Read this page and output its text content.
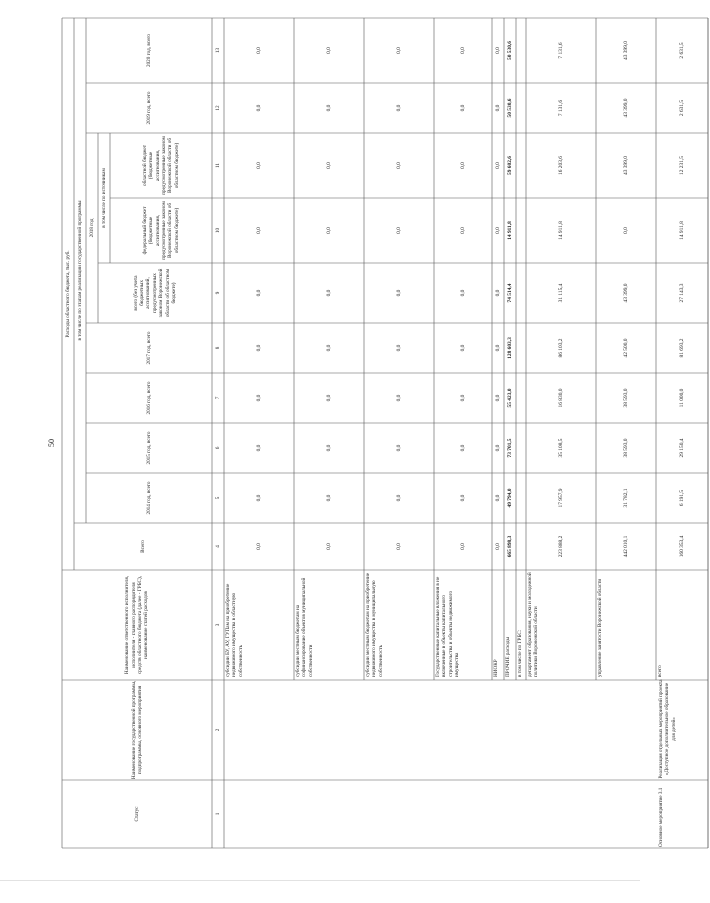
50
Статус
Наименование государственной программы, подпрограммы, основного мероприятия
Наименование ответственного исполнителя, исполнителя - главного распорядителя средств областного бюджета (далее - ГРБС), наименование статей расходов
Расходы областного бюджета, тыс. руб.
Всего
в том числе по этапам реализации государственной программы
2014 год, всего
2015 год, всего
2016 год, всего
2017 год, всего
2018 год
всего (без учета бюджетных ассигнований, предусмотренных законом Воронежской области об областном бюджете)
в том числе по источникам
федеральный бюджет (бюджетные ассигнования, предусмотренные законом Воронежской области об областном бюджете)
областной бюджет (бюджетные ассигнования, предусмотренные законом Воронежской области об областном бюджете)
2019 год, всего
2020 год, всего
1
2
3
4
5
6
7
8
9
10
11
12
13
субсидии БУ, АУ, ГУПам на приобретение недвижимого имущества в областную собственность
0,0
0,0
0,0
0,0
0,0
0,0
0,0
0,0
0,0
0,0
субсидии местным бюджетам на софинансирование объектов муниципальной собственности
0,0
0,0
0,0
0,0
0,0
0,0
0,0
0,0
0,0
0,0
субсидии местным бюджетам на приобретение недвижимого имущества в муниципальную собственность
0,0
0,0
0,0
0,0
0,0
0,0
0,0
0,0
0,0
0,0
Государственные капитальные вложения в не включенные в объекты капитального строительства и объекты недвижимого имущества
0,0
0,0
0,0
0,0
0,0
0,0
0,0
0,0
0,0
0,0
НИОКР
0,0
0,0
0,0
0,0
0,0
0,0
0,0
0,0
0,0
0,0
ПРОЧИЕ расходы
665 898,3
49 794,0
73 701,5
55 423,0
128 603,3
74 514,4
14 911,8
59 602,6
50 530,6
50 530,6
в том числе по ГРБС: департамент образования, науки и молодежной политики Воронежской области
223 888,2
17 957,9
35 108,5
16 830,0
86 103,2
31 115,4
14 911,8
16 203,6
7 131,6
7 131,6
управление занятости Воронежской области
442 010,1
31 782,1
38 593,0
38 593,0
42 500,0
43 399,0
0,0
43 399,0
43 399,0
43 399,0
Основное мероприятие 3.1
Реализация отдельных мероприятий проекта «Доступное дополнительное образование для детей»
всего
160 353,4
6 191,5
29 150,4
11 000,0
81 693,2
27 143,3
14 911,8
12 231,5
2 631,5
2 631,5
